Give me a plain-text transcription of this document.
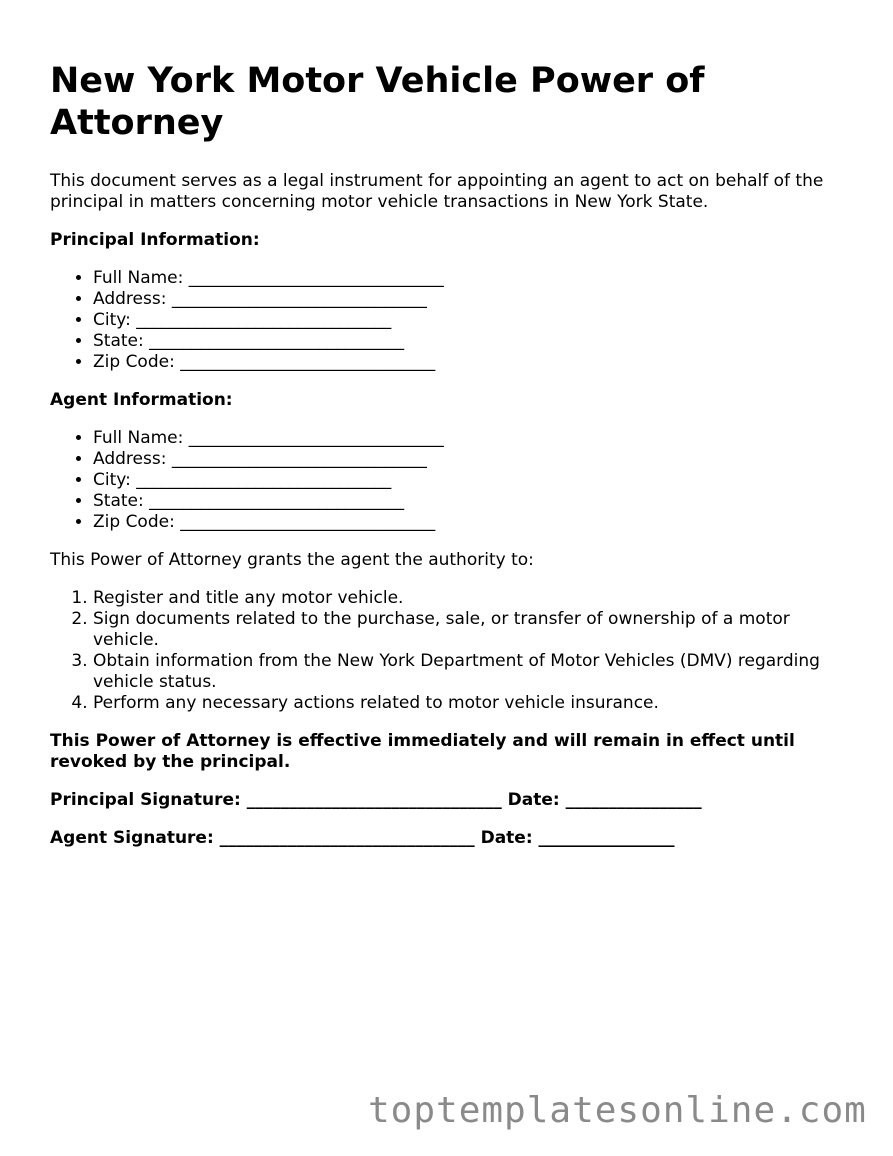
New York Motor Vehicle Power of Attorney

This document serves as a legal instrument for appointing an agent to act on behalf of the principal in matters concerning motor vehicle transactions in New York State.

Principal Information:
• Full Name: ______________________________
• Address: ______________________________
• City: ______________________________
• State: ______________________________
• Zip Code: ______________________________
Agent Information:
• Full Name: ______________________________
• Address: ______________________________
• City: ______________________________
• State: ______________________________
• Zip Code: ______________________________

This Power of Attorney grants the agent the authority to:

1. Register and title any motor vehicle.
2. Sign documents related to the purchase, sale, or transfer of ownership of a motor vehicle.
3. Obtain information from the New York Department of Motor Vehicles (DMV) regarding vehicle status.
4. Perform any necessary actions related to motor vehicle insurance.

This Power of Attorney is effective immediately and will remain in effect until revoked by the principal.

Principal Signature: ______________________________ Date: ________________

Agent Signature: ______________________________ Date: ________________

toptemplatesonline.com
